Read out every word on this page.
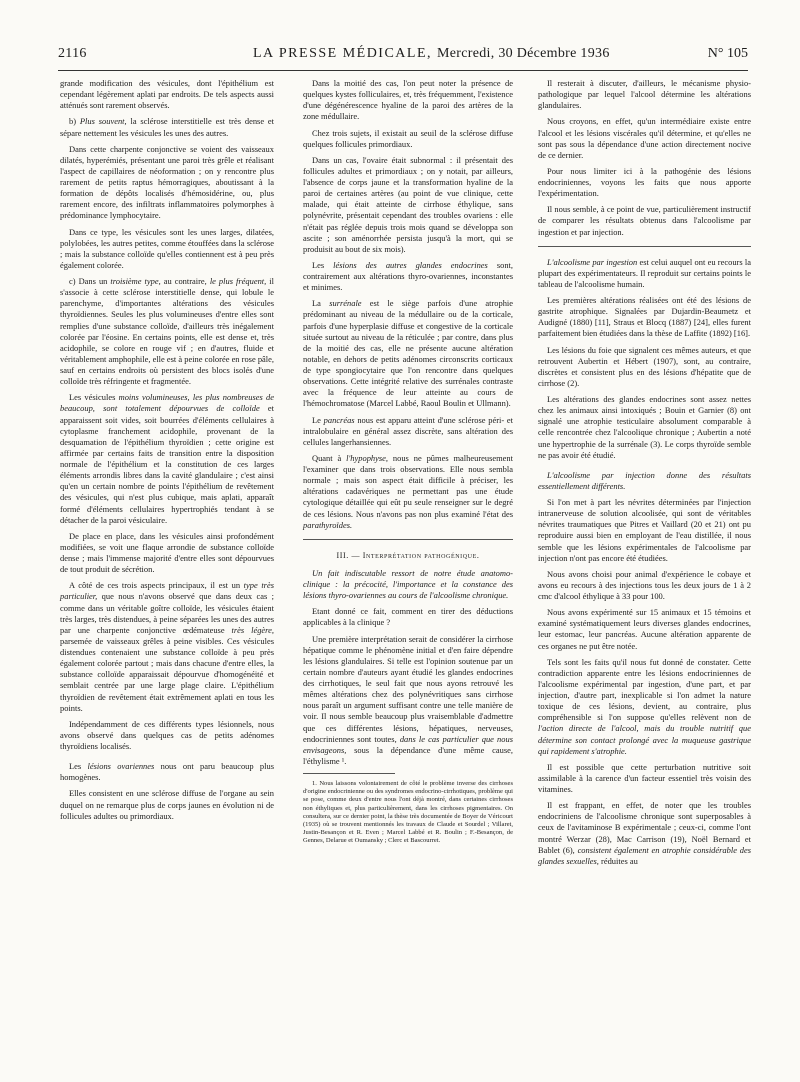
2116	LA PRESSE MÉDICALE, Mercredi, 30 Décembre 1936	N° 105

grande modification des vésicules, dont l'épithélium est cependant légèrement aplati par endroits. De tels aspects aussi atténués sont rarement observés.

b) Plus souvent, la sclérose interstitielle est très dense et sépare nettement les vésicules les unes des autres.

Dans cette charpente conjonctive se voient des vaisseaux dilatés, hyperémiés, présentant une paroi très grêle et réalisant l'aspect de capillaires de néoformation ; on y rencontre plus rarement de petits raptus hémorragiques, aboutissant à la formation de dépôts localisés d'hémosidérine, ou, plus rarement encore, des infiltrats inflammatoires polymorphes à prédominance lymphocytaire.

Dans ce type, les vésicules sont les unes larges, dilatées, polylobées, les autres petites, comme étouffées dans la sclérose ; mais la substance colloïde qu'elles contiennent est à peu près également colorée.

c) Dans un troisième type, au contraire, le plus fréquent, il s'associe à cette sclérose interstitielle dense, qui lobule le parenchyme, d'importantes altérations des vésicules thyroïdiennes. Seules les plus volumineuses d'entre elles sont remplies d'une substance colloïde, d'ailleurs très inégalement colorée par l'éosine. En certains points, elle est dense et, très acidophile, se colore en rouge vif ; en d'autres, fluide et véritablement amphophile, elle est à peine colorée en rose pâle, sauf en certains endroits où persistent des blocs isolés d'une colloïde très réfringente et fragmentée.

Les vésicules moins volumineuses, les plus nombreuses de beaucoup, sont totalement dépourvues de colloïde et apparaissent soit vides, soit bourrées d'éléments cellulaires à cytoplasme franchement acidophile, provenant de la desquamation de l'épithélium thyroïdien ; cette origine est affirmée par certains faits de transition entre la disposition normale de l'épithélium et la constitution de ces larges éléments arrondis libres dans la cavité glandulaire ; c'est ainsi qu'en un certain nombre de points l'épithélium de revêtement des vésicules, qui n'est plus cubique, mais aplati, apparaît formé d'éléments cellulaires hypertrophiés tendant à se détacher de la paroi vésiculaire.

De place en place, dans les vésicules ainsi profondément modifiées, se voit une flaque arrondie de substance colloïde dense ; mais l'immense majorité d'entre elles sont dépourvues de tout produit de sécrétion.

A côté de ces trois aspects principaux, il est un type très particulier, que nous n'avons observé que dans deux cas ; comme dans un véritable goître colloïde, les vésicules étaient très larges, très distendues, à peine séparées les unes des autres par une charpente conjonctive œdémateuse très légère, parsemée de vaisseaux grêles à peine visibles. Ces vésicules distendues contenaient une substance colloïde à peu près également colorée partout ; mais dans chacune d'entre elles, la substance colloïde apparaissait dépourvue d'homogénéité et semblait centrée par une large plage claire. L'épithélium thyroïdien de revêtement était extrêmement aplati en tous les points.

Indépendamment de ces différents types lésionnels, nous avons observé dans quelques cas de petits adénomes thyroïdiens localisés.

Les lésions ovariennes nous ont paru beaucoup plus homogènes.

Elles consistent en une sclérose diffuse de l'organe au sein duquel on ne remarque plus de corps jaunes en évolution ni de follicules adultes ou primordiaux.

Dans la moitié des cas, l'on peut noter la présence de quelques kystes folliculaires, et, très fréquemment, l'existence d'une dégénérescence hyaline de la paroi des artères de la zone médullaire.

Chez trois sujets, il existait au seuil de la sclérose diffuse quelques follicules primordiaux.

Dans un cas, l'ovaire était subnormal : il présentait des follicules adultes et primordiaux ; on y notait, par ailleurs, l'absence de corps jaune et la transformation hyaline de la paroi de certaines artères (au point de vue clinique, cette malade, qui était atteinte de cirrhose éthylique, sans polynévrite, présentait cependant des troubles ovariens : elle n'était pas réglée depuis trois mois quand se développa son ascite ; son aménorrhée persista jusqu'à la mort, qui se produisit au bout de six mois).

Les lésions des autres glandes endocrines sont, contrairement aux altérations thyro-ovariennes, inconstantes et minimes.

La surrénale est le siège parfois d'une atrophie prédominant au niveau de la médullaire ou de la corticale, parfois d'une hyperplasie diffuse et congestive de la corticale située surtout au niveau de la réticulée ; par contre, dans plus de la moitié des cas, elle ne présente aucune altération notable, en dehors de petits adénomes circonscrits corticaux de type spongiocytaire que l'on rencontre dans quelques observations. Cette intégrité relative des surrénales contraste avec la fréquence de leur atteinte au cours de l'hémochromatose (Marcel Labbé, Raoul Boulin et Ullmann).

Le pancréas nous est apparu atteint d'une sclérose péri- et intralobulaire en général assez discrète, sans altération des cellules langerhansiennes.

Quant à l'hypophyse, nous ne pûmes malheureusement l'examiner que dans trois observations. Elle nous sembla normale ; mais son aspect était difficile à préciser, les altérations cadavériques ne permettant pas une étude cytologique détaillée qui eût pu seule renseigner sur le degré de ces lésions. Nous n'avons pas non plus examiné l'état des parathyroïdes.

III. — Interprétation pathogénique.

Un fait indiscutable ressort de notre étude anatomo-clinique : la précocité, l'importance et la constance des lésions thyro-ovariennes au cours de l'alcoolisme chronique.

Etant donné ce fait, comment en tirer des déductions applicables à la clinique ?

Une première interprétation serait de considérer la cirrhose hépatique comme le phénomène initial et d'en faire dépendre les lésions glandulaires. Si telle est l'opinion soutenue par un certain nombre d'auteurs ayant étudié les glandes endocrines des cirrhotiques, le seul fait que nous ayons retrouvé les mêmes altérations chez des polynévritiques sans cirrhose nous paraît un argument suffisant contre une telle manière de voir. Il nous semble beaucoup plus vraisemblable d'admettre que ces différentes lésions, hépatiques, nerveuses, endocriniennes sont toutes, dans le cas particulier que nous envisageons, sous la dépendance d'une même cause, l'éthylisme ¹.

1. Nous laissons volontairement de côté le problème inverse des cirrhoses d'origine endocrinienne ou des syndromes endocrino-cirrhotiques, problème qui se pose, comme deux d'entre nous l'ont déjà montré, dans certaines cirrhoses non éthyliques et, plus particulièrement, dans les cirrhoses pigmentaires. On consultera, sur ce dernier point, la thèse très documentée de Boyer de Véricourt (1935) où se trouvent mentionnés les travaux de Claude et Sourdel ; Villaret, Justin-Besançon et R. Even ; Marcel Labbé et R. Boulin ; F.-Besançon, de Gennes, Delarue et Oumansky ; Clerc et Bascourret.

Il resterait à discuter, d'ailleurs, le mécanisme physio-pathologique par lequel l'alcool détermine les altérations glandulaires.

Nous croyons, en effet, qu'un intermédiaire existe entre l'alcool et les lésions viscérales qu'il détermine, et qu'elles ne sont pas sous la dépendance d'une action directement nocive de ce dernier.

Pour nous limiter ici à la pathogénie des lésions endocriniennes, voyons les faits que nous apporte l'expérimentation.

Il nous semble, à ce point de vue, particulièrement instructif de comparer les résultats obtenus dans l'alcoolisme par ingestion et par injection.

L'alcoolisme par ingestion est celui auquel ont eu recours la plupart des expérimentateurs. Il reproduit sur certains points le tableau de l'alcoolisme humain.

Les premières altérations réalisées ont été des lésions de gastrite atrophique. Signalées par Dujardin-Beaumetz et Audigné (1880) [11], Straus et Blocq (1887) [24], elles furent parfaitement bien étudiées dans la thèse de Laffite (1892) [16].

Les lésions du foie que signalent ces mêmes auteurs, et que retrouvent Aubertin et Hébert (1907), sont, au contraire, discrètes et consistent plus en des lésions d'hépatite que de cirrhose (2).

Les altérations des glandes endocrines sont assez nettes chez les animaux ainsi intoxiqués ; Bouin et Garnier (8) ont signalé une atrophie testiculaire absolument comparable à celle rencontrée chez l'alcoolique chronique ; Aubertin a noté une hypertrophie de la surrénale (3). Le corps thyroïde semble ne pas avoir été étudié.

L'alcoolisme par injection donne des résultats essentiellement différents.

Si l'on met à part les névrites déterminées par l'injection intranerveuse de solution alcoolisée, qui sont de véritables névrites traumatiques que Pitres et Vaillard (20 et 21) ont pu reproduire aussi bien en employant de l'eau distillée, il nous semble que les lésions expérimentales de l'alcoolisme par injection n'ont pas encore été étudiées.

Nous avons choisi pour animal d'expérience le cobaye et avons eu recours à des injections tous les deux jours de 1 à 2 cmc d'alcool éthylique à 33 pour 100.

Nous avons expérimenté sur 15 animaux et 15 témoins et examiné systématiquement leurs diverses glandes endocrines, leur estomac, leur pancréas. Aucune altération apparente de ces organes ne put être notée.

Tels sont les faits qu'il nous fut donné de constater. Cette contradiction apparente entre les lésions endocriniennes de l'alcoolisme expérimental par ingestion, d'une part, et par injection, d'autre part, inexplicable si l'on admet la nature toxique de ces lésions, devient, au contraire, plus compréhensible si l'on suppose qu'elles relèvent non de l'action directe de l'alcool, mais du trouble nutritif que détermine son contact prolongé avec la muqueuse gastrique qui rapidement s'atrophie.

Il est possible que cette perturbation nutritive soit assimilable à la carence d'un facteur essentiel très voisin des vitamines.

Il est frappant, en effet, de noter que les troubles endocriniens de l'alcoolisme chronique sont superposables à ceux de l'avitaminose B expérimentale ; ceux-ci, comme l'ont montré Werzar (28), Mac Carrison (19), Noël Bernard et Bablet (6), consistent également en atrophie considérable des glandes sexuelles, réduites au
